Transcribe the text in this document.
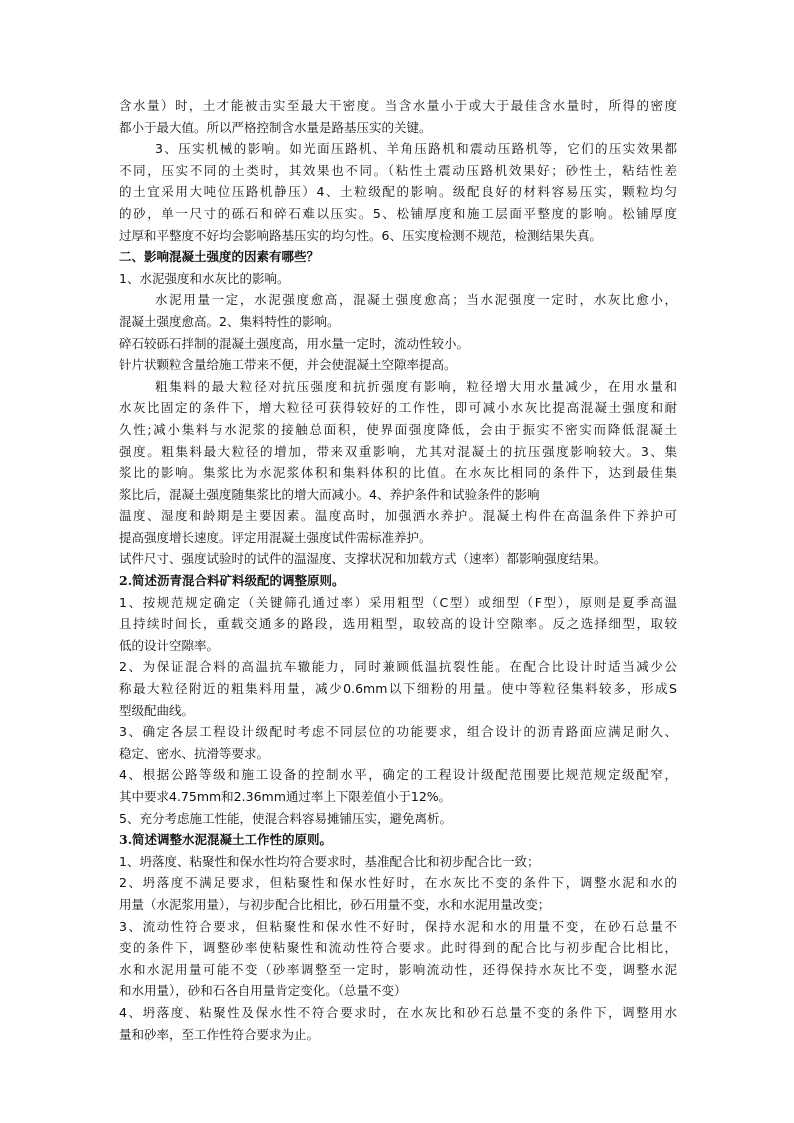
含水量）时，土才能被击实至最大干密度。当含水量小于或大于最佳含水量时，所得的密度
都小于最大值。所以严格控制含水量是路基压实的关键。
3、压实机械的影响。如光面压路机、羊角压路机和震动压路机等，它们的压实效果都
不同，压实不同的土类时，其效果也不同。（粘性土震动压路机效果好；砂性土，粘结性差
的土宜采用大吨位压路机静压）4、土粒级配的影响。级配良好的材料容易压实，颗粒均匀
的砂，单一尺寸的砾石和碎石难以压实。5、松铺厚度和施工层面平整度的影响。松铺厚度
过厚和平整度不好均会影响路基压实的均匀性。6、压实度检测不规范，检测结果失真。
二、影响混凝土强度的因素有哪些？
1、水泥强度和水灰比的影响。
水泥用量一定，水泥强度愈高，混凝土强度愈高；当水泥强度一定时，水灰比愈小，
混凝土强度愈高。2、集料特性的影响。
碎石较砾石拌制的混凝土强度高，用水量一定时，流动性较小。
针片状颗粒含量给施工带来不便，并会使混凝土空隙率提高。
粗集料的最大粒径对抗压强度和抗折强度有影响，粒径增大用水量减少，在用水量和
水灰比固定的条件下，增大粒径可获得较好的工作性，即可减小水灰比提高混凝土强度和耐
久性;减小集料与水泥浆的接触总面积，使界面强度降低，会由于振实不密实而降低混凝土
强度。粗集料最大粒径的增加，带来双重影响，尤其对混凝土的抗压强度影响较大。3、集
浆比的影响。集浆比为水泥浆体积和集料体积的比值。在水灰比相同的条件下，达到最佳集
浆比后，混凝土强度随集浆比的增大而减小。4、养护条件和试验条件的影响
温度、湿度和龄期是主要因素。温度高时，加强洒水养护。混凝土构件在高温条件下养护可
提高强度增长速度。评定用混凝土强度试件需标准养护。
试件尺寸、强度试验时的试件的温湿度、支撑状况和加载方式（速率）都影响强度结果。
2.简述沥青混合料矿料级配的调整原则。
1、按规范规定确定（关键筛孔通过率）采用粗型（C型）或细型（F型），原则是夏季高温
且持续时间长，重载交通多的路段，选用粗型，取较高的设计空隙率。反之选择细型，取较
低的设计空隙率。
2、为保证混合料的高温抗车辙能力，同时兼顾低温抗裂性能。在配合比设计时适当减少公
称最大粒径附近的粗集料用量，减少0.6mm以下细粉的用量。使中等粒径集料较多，形成S
型级配曲线。
3、确定各层工程设计级配时考虑不同层位的功能要求，组合设计的沥青路面应满足耐久、
稳定、密水、抗滑等要求。
4、根据公路等级和施工设备的控制水平，确定的工程设计级配范围要比规范规定级配窄，
其中要求4.75mm和2.36mm通过率上下限差值小于12%。
5、充分考虑施工性能，使混合料容易摊铺压实，避免离析。
3.简述调整水泥混凝土工作性的原则。
1、坍落度、粘聚性和保水性均符合要求时，基准配合比和初步配合比一致；
2、坍落度不满足要求，但粘聚性和保水性好时，在水灰比不变的条件下，调整水泥和水的
用量（水泥浆用量），与初步配合比相比，砂石用量不变，水和水泥用量改变；
3、流动性符合要求，但粘聚性和保水性不好时，保持水泥和水的用量不变，在砂石总量不
变的条件下，调整砂率使粘聚性和流动性符合要求。此时得到的配合比与初步配合比相比，
水和水泥用量可能不变（砂率调整至一定时，影响流动性，还得保持水灰比不变，调整水泥
和水用量），砂和石各自用量肯定变化。（总量不变）
4、坍落度、粘聚性及保水性不符合要求时，在水灰比和砂石总量不变的条件下，调整用水
量和砂率，至工作性符合要求为止。
